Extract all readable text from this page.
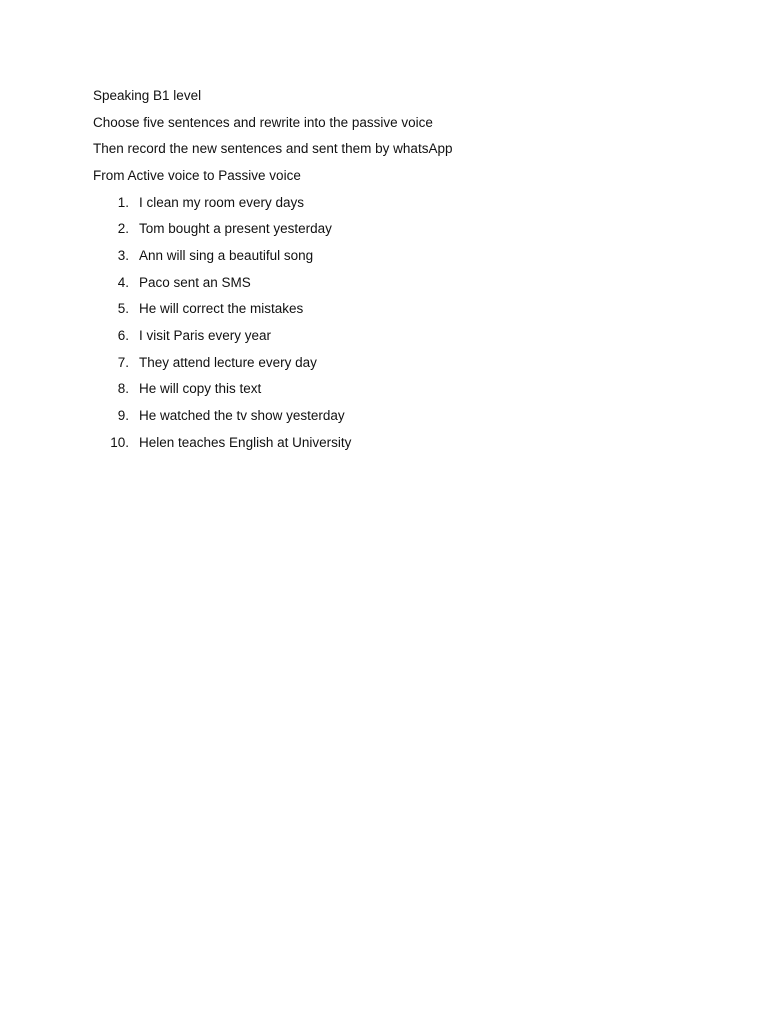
Speaking B1 level

Choose five sentences and rewrite into the passive voice

Then record the new sentences and sent them by whatsApp

From Active voice to Passive voice

1. I clean my room every days
2. Tom bought a present yesterday
3. Ann will sing a beautiful song
4. Paco sent an SMS
5. He will correct the mistakes
6. I visit Paris every year
7. They attend lecture every day
8. He will copy this text
9. He watched the tv show yesterday
10. Helen teaches English at University
